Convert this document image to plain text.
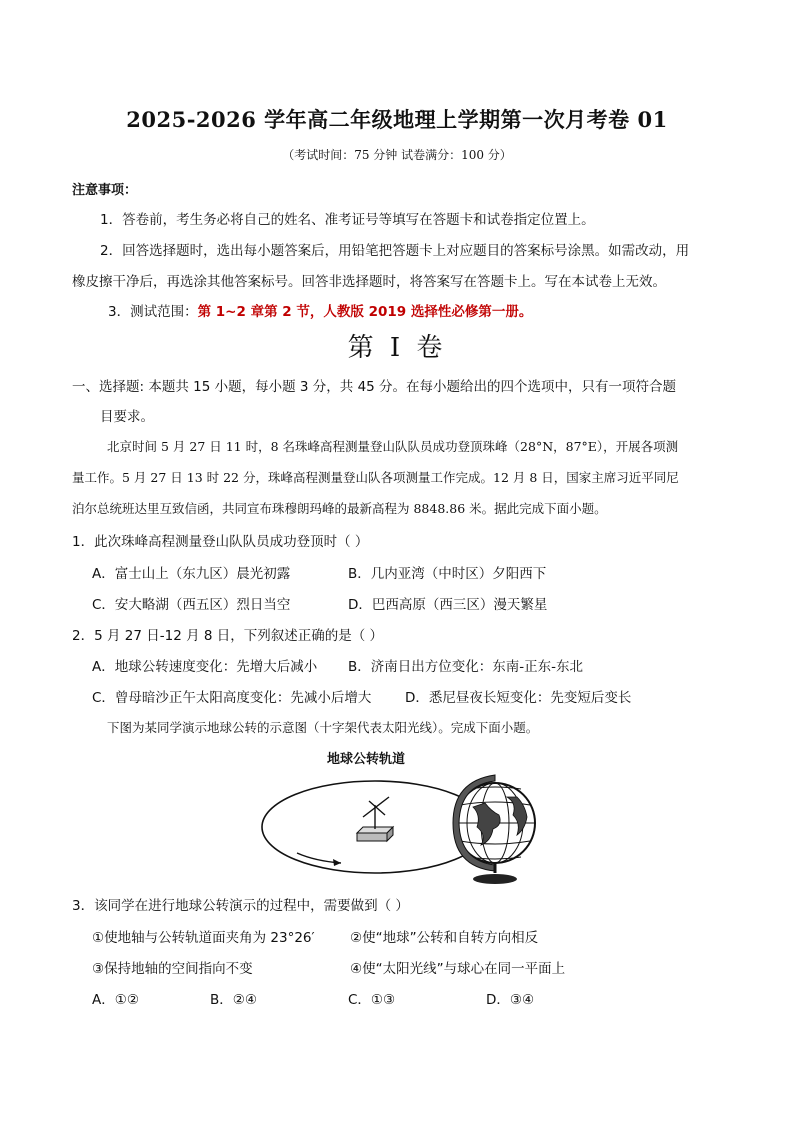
2025-2026 学年高二年级地理上学期第一次月考卷 01
（考试时间：75 分钟 试卷满分：100 分）
注意事项：
1．答卷前，考生务必将自己的姓名、准考证号等填写在答题卡和试卷指定位置上。
2．回答选择题时，选出每小题答案后，用铅笔把答题卡上对应题目的答案标号涂黑。如需改动，用
橡皮擦干净后，再选涂其他答案标号。回答非选择题时，将答案写在答题卡上。写在本试卷上无效。
3．测试范围：第 1~2 章第 2 节，人教版 2019 选择性必修第一册。
第 I 卷
一、选择题: 本题共 15 小题，每小题 3 分，共 45 分。在每小题给出的四个选项中，只有一项符合题
目要求。
北京时间 5 月 27 日 11 时，8 名珠峰高程测量登山队队员成功登顶珠峰（28°N，87°E），开展各项测
量工作。5 月 27 日 13 时 22 分，珠峰高程测量登山队各项测量工作完成。12 月 8 日，国家主席习近平同尼
泊尔总统班达里互致信函，共同宣布珠穆朗玛峰的最新高程为 8848.86 米。据此完成下面小题。
1．此次珠峰高程测量登山队队员成功登顶时（ ）
A．富士山上（东九区）晨光初露	B．几内亚湾（中时区）夕阳西下
C．安大略湖（西五区）烈日当空	D．巴西高原（西三区）漫天繁星
2．5 月 27 日-12 月 8 日，下列叙述正确的是（ ）
A．地球公转速度变化：先增大后减小 B．济南日出方位变化：东南-正东-东北
C．曾母暗沙正午太阳高度变化：先减小后增大 D．悉尼昼夜长短变化：先变短后变长
下图为某同学演示地球公转的示意图（十字架代表太阳光线）。完成下面小题。
地球公转轨道
3．该同学在进行地球公转演示的过程中，需要做到（ ）
①使地轴与公转轨道面夹角为 23°26′	②使“地球”公转和自转方向相反
③保持地轴的空间指向不变	④使“太阳光线”与球心在同一平面上
A．①②	B．②④	C．①③	D．③④
